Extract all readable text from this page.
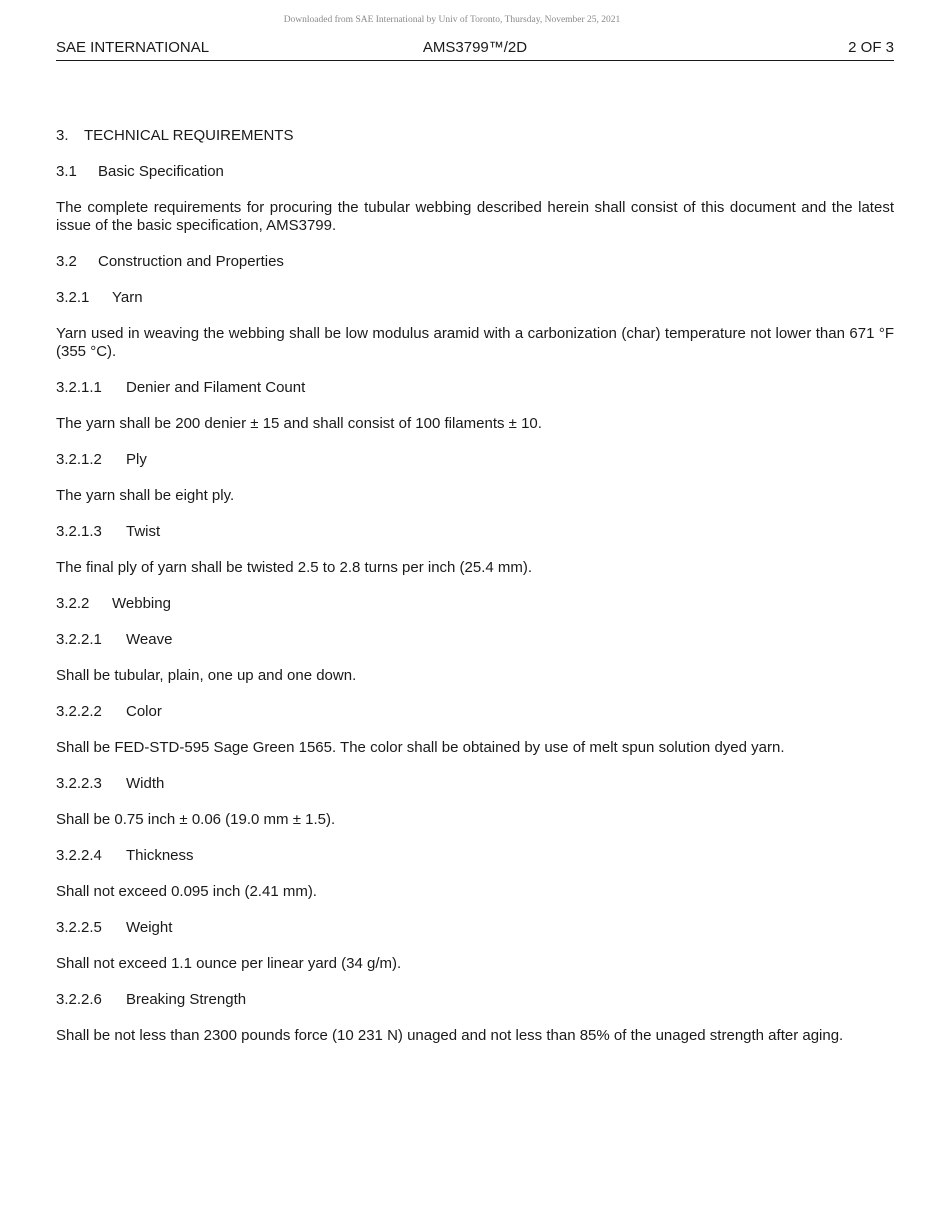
Downloaded from SAE International by Univ of Toronto, Thursday, November 25, 2021
AMS3799™/2D
SAE INTERNATIONAL	2 OF 3
3. TECHNICAL REQUIREMENTS
3.1 Basic Specification

The complete requirements for procuring the tubular webbing described herein shall consist of this document and the latest issue of the basic specification, AMS3799.

3.2 Construction and Properties
3.2.1 Yarn

Yarn used in weaving the webbing shall be low modulus aramid with a carbonization (char) temperature not lower than 671 °F (355 °C).

3.2.1.1 Denier and Filament Count

The yarn shall be 200 denier ± 15 and shall consist of 100 filaments ± 10.

3.2.1.2 Ply

The yarn shall be eight ply.

3.2.1.3 Twist

The final ply of yarn shall be twisted 2.5 to 2.8 turns per inch (25.4 mm).

3.2.2 Webbing
3.2.2.1 Weave

Shall be tubular, plain, one up and one down.

3.2.2.2 Color

Shall be FED-STD-595 Sage Green 1565. The color shall be obtained by use of melt spun solution dyed yarn.

3.2.2.3 Width

Shall be 0.75 inch ± 0.06 (19.0 mm ± 1.5).

3.2.2.4 Thickness

Shall not exceed 0.095 inch (2.41 mm).

3.2.2.5 Weight

Shall not exceed 1.1 ounce per linear yard (34 g/m).

3.2.2.6 Breaking Strength

Shall be not less than 2300 pounds force (10 231 N) unaged and not less than 85% of the unaged strength after aging.
